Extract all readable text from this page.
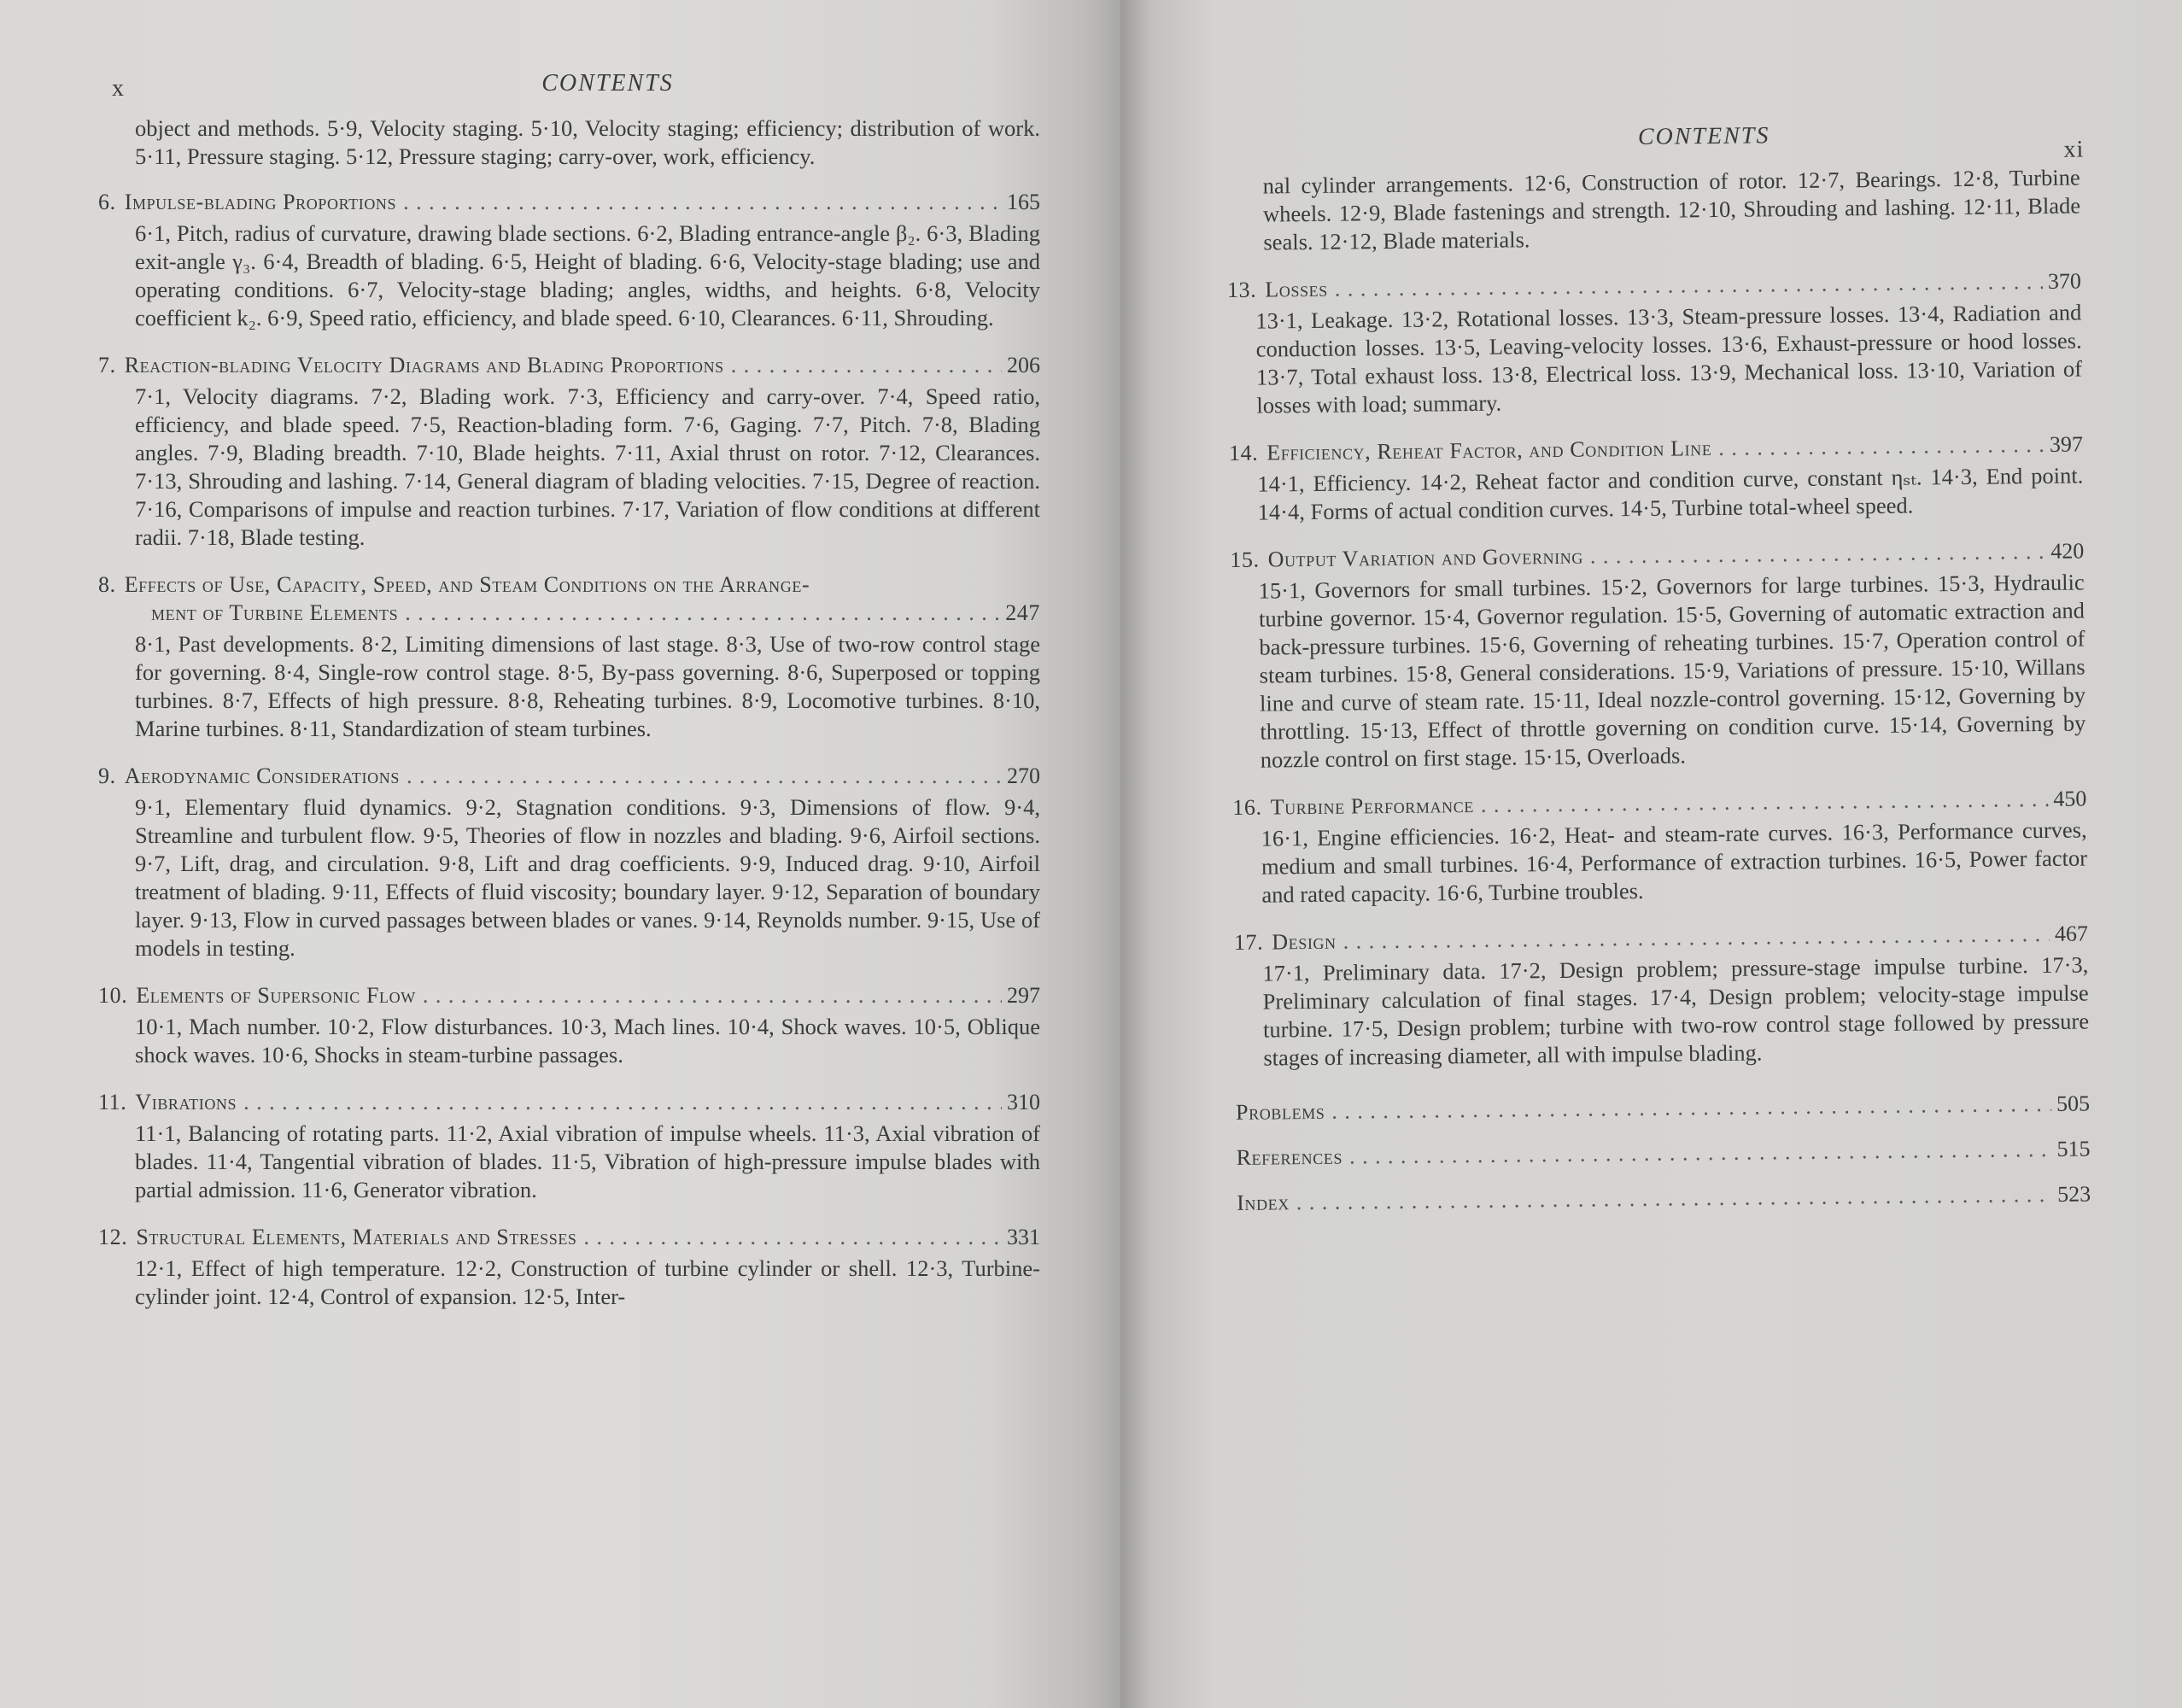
x	CONTENTS
object and methods. 5·9, Velocity staging. 5·10, Velocity staging; efficiency; distribution of work. 5·11, Pressure staging. 5·12, Pressure staging; carry-over, work, efficiency.
6. Impulse-blading Proportions . . .	165
6·1, Pitch, radius of curvature, drawing blade sections. 6·2, Blading entrance-angle β₂. 6·3, Blading exit-angle γ₃. 6·4, Breadth of blading. 6·5, Height of blading. 6·6, Velocity-stage blading; use and operating conditions. 6·7, Velocity-stage blading; angles, widths, and heights. 6·8, Velocity coefficient k₂. 6·9, Speed ratio, efficiency, and blade speed. 6·10, Clearances. 6·11, Shrouding.
7. Reaction-blading Velocity Diagrams and Blading Proportions . . .	206
7·1, Velocity diagrams. 7·2, Blading work. 7·3, Efficiency and carry-over. 7·4, Speed ratio, efficiency, and blade speed. 7·5, Reaction-blading form. 7·6, Gaging. 7·7, Pitch. 7·8, Blading angles. 7·9, Blading breadth. 7·10, Blade heights. 7·11, Axial thrust on rotor. 7·12, Clearances. 7·13, Shrouding and lashing. 7·14, General diagram of blading velocities. 7·15, Degree of reaction. 7·16, Comparisons of impulse and reaction turbines. 7·17, Variation of flow conditions at different radii. 7·18, Blade testing.
8. Effects of Use, Capacity, Speed, and Steam Conditions on the Arrange-
ment of Turbine Elements . . .	247
8·1, Past developments. 8·2, Limiting dimensions of last stage. 8·3, Use of two-row control stage for governing. 8·4, Single-row control stage. 8·5, By-pass governing. 8·6, Superposed or topping turbines. 8·7, Effects of high pressure. 8·8, Reheating turbines. 8·9, Locomotive turbines. 8·10, Marine turbines. 8·11, Standardization of steam turbines.
9. Aerodynamic Considerations . . .	270
9·1, Elementary fluid dynamics. 9·2, Stagnation conditions. 9·3, Dimensions of flow. 9·4, Streamline and turbulent flow. 9·5, Theories of flow in nozzles and blading. 9·6, Airfoil sections. 9·7, Lift, drag, and circulation. 9·8, Lift and drag coefficients. 9·9, Induced drag. 9·10, Airfoil treatment of blading. 9·11, Effects of fluid viscosity; boundary layer. 9·12, Separation of boundary layer. 9·13, Flow in curved passages between blades or vanes. 9·14, Reynolds number. 9·15, Use of models in testing.
10. Elements of Supersonic Flow . . .	297
10·1, Mach number. 10·2, Flow disturbances. 10·3, Mach lines. 10·4, Shock waves. 10·5, Oblique shock waves. 10·6, Shocks in steam-turbine passages.
11. Vibrations . . .	310
11·1, Balancing of rotating parts. 11·2, Axial vibration of impulse wheels. 11·3, Axial vibration of blades. 11·4, Tangential vibration of blades. 11·5, Vibration of high-pressure impulse blades with partial admission. 11·6, Generator vibration.
12. Structural Elements, Materials and Stresses . . .	331
12·1, Effect of high temperature. 12·2, Construction of turbine cylinder or shell. 12·3, Turbine-cylinder joint. 12·4, Control of expansion. 12·5, Inter-
CONTENTS	xi
nal cylinder arrangements. 12·6, Construction of rotor. 12·7, Bearings. 12·8, Turbine wheels. 12·9, Blade fastenings and strength. 12·10, Shrouding and lashing. 12·11, Blade seals. 12·12, Blade materials.
13. Losses . . .	370
13·1, Leakage. 13·2, Rotational losses. 13·3, Steam-pressure losses. 13·4, Radiation and conduction losses. 13·5, Leaving-velocity losses. 13·6, Exhaust-pressure or hood losses. 13·7, Total exhaust loss. 13·8, Electrical loss. 13·9, Mechanical loss. 13·10, Variation of losses with load; summary.
14. Efficiency, Reheat Factor, and Condition Line . . .	397
14·1, Efficiency. 14·2, Reheat factor and condition curve, constant ηₛₜ. 14·3, End point. 14·4, Forms of actual condition curves. 14·5, Turbine total-wheel speed.
15. Output Variation and Governing . . .	420
15·1, Governors for small turbines. 15·2, Governors for large turbines. 15·3, Hydraulic turbine governor. 15·4, Governor regulation. 15·5, Governing of automatic extraction and back-pressure turbines. 15·6, Governing of reheating turbines. 15·7, Operation control of steam turbines. 15·8, General considerations. 15·9, Variations of pressure. 15·10, Willans line and curve of steam rate. 15·11, Ideal nozzle-control governing. 15·12, Governing by throttling. 15·13, Effect of throttle governing on condition curve. 15·14, Governing by nozzle control on first stage. 15·15, Overloads.
16. Turbine Performance . . .	450
16·1, Engine efficiencies. 16·2, Heat- and steam-rate curves. 16·3, Performance curves, medium and small turbines. 16·4, Performance of extraction turbines. 16·5, Power factor and rated capacity. 16·6, Turbine troubles.
17. Design . . .	467
17·1, Preliminary data. 17·2, Design problem; pressure-stage impulse turbine. 17·3, Preliminary calculation of final stages. 17·4, Design problem; velocity-stage impulse turbine. 17·5, Design problem; turbine with two-row control stage followed by pressure stages of increasing diameter, all with impulse blading.
Problems . . .	505
References . . .	515
Index . . .	523
